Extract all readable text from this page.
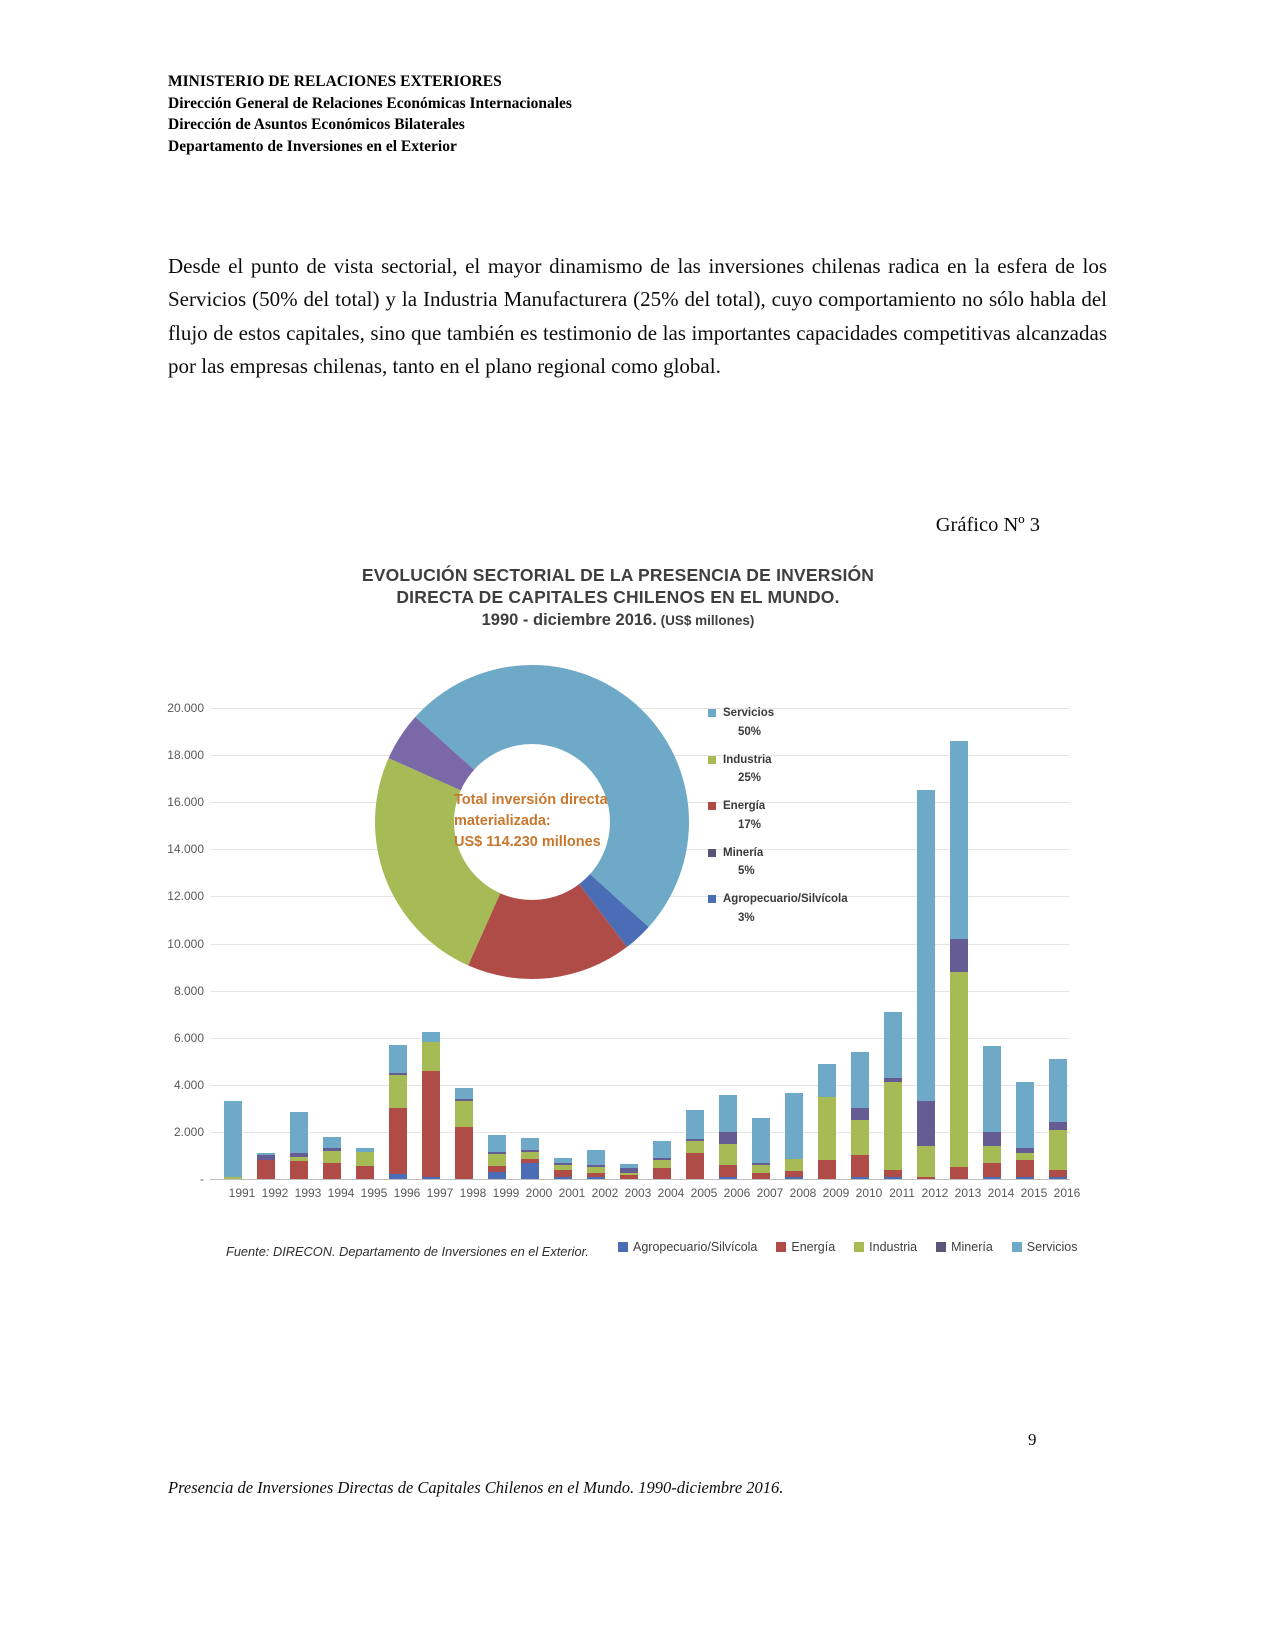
MINISTERIO DE RELACIONES EXTERIORES
Dirección General de Relaciones Económicas Internacionales
Dirección de Asuntos Económicos Bilaterales
Departamento de Inversiones en el Exterior
Desde el punto de vista sectorial, el mayor dinamismo de las inversiones chilenas radica en la esfera de los Servicios (50% del total) y la Industria Manufacturera (25% del total), cuyo comportamiento no sólo habla del flujo de estos capitales, sino que también es testimonio de las importantes capacidades competitivas alcanzadas por las empresas chilenas, tanto en el plano regional como global.
Gráfico Nº 3
EVOLUCIÓN SECTORIAL DE LA PRESENCIA DE INVERSIÓN
DIRECTA DE CAPITALES CHILENOS EN EL MUNDO.
1990 - diciembre 2016. (US$ millones)
-
2.000
4.000
6.000
8.000
10.000
12.000
14.000
16.000
18.000
20.000
1991 1992 1993 1994 1995 1996 1997 1998 1999 2000 2001 2002 2003 2004 2005 2006 2007 2008 2009 2010 2011 2012 2013 2014 2015 2016
Total inversión directa
materializada:
US$ 114.230 millones
Servicios
50%
Industria
25%
Energía
17%
Minería
5%
Agropecuario/Silvícola
3%
Agropecuario/Silvícola	Energía	Industria	Minería	Servicios
Fuente: DIRECON. Departamento de Inversiones en el Exterior.
9
Presencia de Inversiones Directas de Capitales Chilenos en el Mundo. 1990-diciembre 2016.
